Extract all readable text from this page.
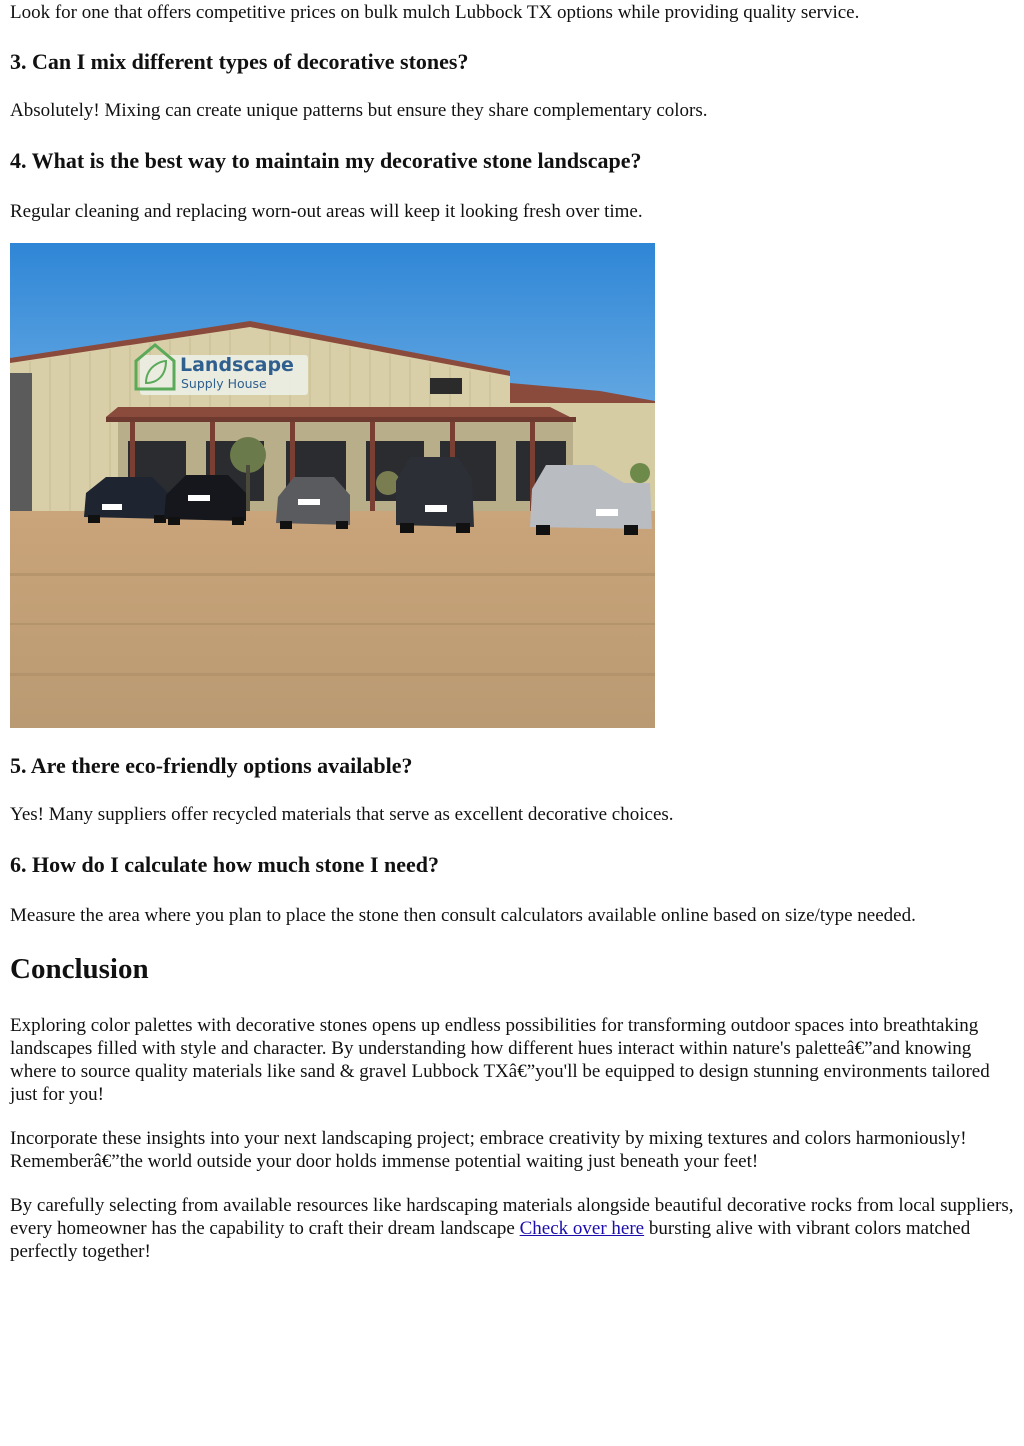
Look for one that offers competitive prices on bulk mulch Lubbock TX options while providing quality service.

3. Can I mix different types of decorative stones?

Absolutely! Mixing can create unique patterns but ensure they share complementary colors.

4. What is the best way to maintain my decorative stone landscape?

Regular cleaning and replacing worn-out areas will keep it looking fresh over time.

Landscape
Supply House
5. Are there eco-friendly options available?

Yes! Many suppliers offer recycled materials that serve as excellent decorative choices.

6. How do I calculate how much stone I need?

Measure the area where you plan to place the stone then consult calculators available online based on size/type needed.

Conclusion

Exploring color palettes with decorative stones opens up endless possibilities for transforming outdoor spaces into breathtaking landscapes filled with style and character. By understanding how different hues interact within nature's paletteâ€”and knowing where to source quality materials like sand & gravel Lubbock TXâ€”you'll be equipped to design stunning environments tailored just for you!

Incorporate these insights into your next landscaping project; embrace creativity by mixing textures and colors harmoniously! Rememberâ€”the world outside your door holds immense potential waiting just beneath your feet!

By carefully selecting from available resources like hardscaping materials alongside beautiful decorative rocks from local suppliers, every homeowner has the capability to craft their dream landscape Check over here bursting alive with vibrant colors matched perfectly together!
